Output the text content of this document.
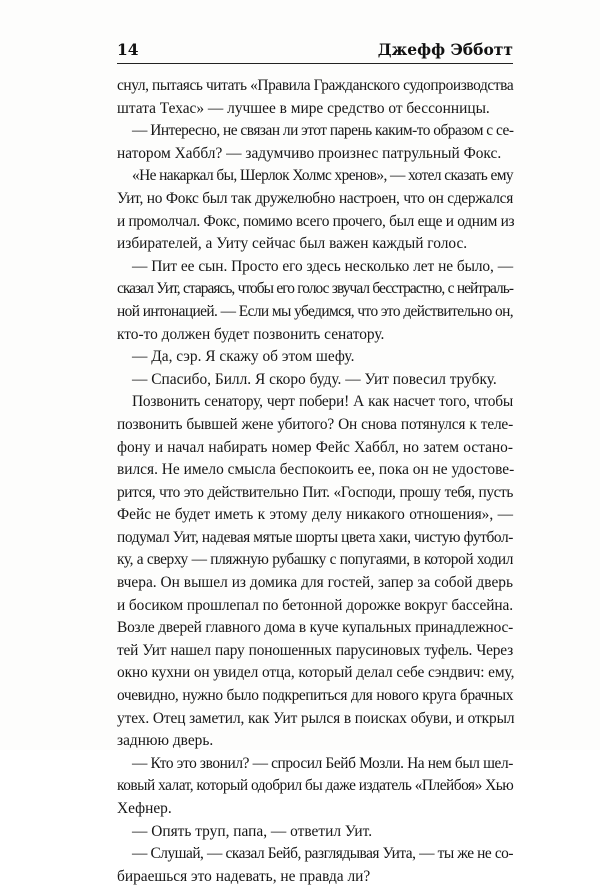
14	Джефф Эбботт
снул, пытаясь читать «Правила Гражданского судопроизводства
штата Техас» — лучшее в мире средство от бессонницы.
— Интересно, не связан ли этот парень каким-то образом с се-
натором Хаббл? — задумчиво произнес патрульный Фокс.
«Не накаркал бы, Шерлок Холмс хренов», — хотел сказать ему
Уит, но Фокс был так дружелюбно настроен, что он сдержался
и промолчал. Фокс, помимо всего прочего, был еще и одним из
избирателей, а Уиту сейчас был важен каждый голос.
— Пит ее сын. Просто его здесь несколько лет не было, —
сказал Уит, стараясь, чтобы его голос звучал бесстрастно, с нейтраль-
ной интонацией. — Если мы убедимся, что это действительно он,
кто-то должен будет позвонить сенатору.
— Да, сэр. Я скажу об этом шефу.
— Спасибо, Билл. Я скоро буду. — Уит повесил трубку.
Позвонить сенатору, черт побери! А как насчет того, чтобы
позвонить бывшей жене убитого? Он снова потянулся к теле-
фону и начал набирать номер Фейс Хаббл, но затем останo-
вился. Не имело смысла беспокоить ее, пока он не удостове-
рится, что это действительно Пит. «Господи, прошу тебя, пусть
Фейс не будет иметь к этому делу никакого отношения», —
подумал Уит, надевая мятые шорты цвета хаки, чистую футбол-
ку, а сверху — пляжную рубашку с попугаями, в которой ходил
вчера. Он вышел из домика для гостей, запер за собой дверь
и босиком прошлепал по бетонной дорожке вокруг бассейна.
Возле дверей главного дома в куче купальных принадлежнос-
тей Уит нашел пару поношенных парусиновых туфель. Через
окно кухни он увидел отца, который делал себе сэндвич: ему,
очевидно, нужно было подкрепиться для нового круга брачных
утех. Отец заметил, как Уит рылся в поисках обуви, и открыл
заднюю дверь.
— Кто это звонил? — спросил Бейб Мозли. На нем был шел-
ковый халат, который одобрил бы даже издатель «Плейбоя» Хью
Хефнер.
— Опять труп, папа, — ответил Уит.
— Слушай, — сказал Бейб, разглядывая Уита, — ты же не со-
бираешься это надевать, не правда ли?
